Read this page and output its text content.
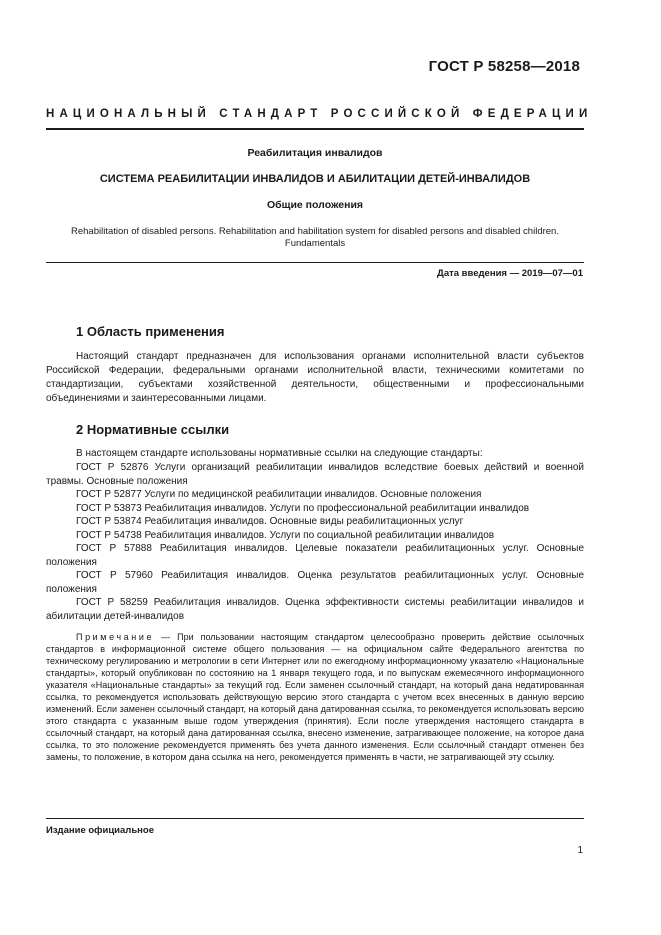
ГОСТ Р 58258—2018
НАЦИОНАЛЬНЫЙ СТАНДАРТ РОССИЙСКОЙ ФЕДЕРАЦИИ
Реабилитация инвалидов
СИСТЕМА РЕАБИЛИТАЦИИ ИНВАЛИДОВ И АБИЛИТАЦИИ ДЕТЕЙ-ИНВАЛИДОВ
Общие положения
Rehabilitation of disabled persons. Rehabilitation and habilitation system for disabled persons and disabled children. Fundamentals
Дата введения — 2019—07—01
1 Область применения

Настоящий стандарт предназначен для использования органами исполнительной власти субъектов Российской Федерации, федеральными органами исполнительной власти, техническими комитетами по стандартизации, субъектами хозяйственной деятельности, общественными и профессиональными объединениями и заинтересованными лицами.

2 Нормативные ссылки

В настоящем стандарте использованы нормативные ссылки на следующие стандарты:

ГОСТ Р 52876 Услуги организаций реабилитации инвалидов вследствие боевых действий и военной травмы. Основные положения

ГОСТ Р 52877 Услуги по медицинской реабилитации инвалидов. Основные положения

ГОСТ Р 53873 Реабилитация инвалидов. Услуги по профессиональной реабилитации инвалидов

ГОСТ Р 53874 Реабилитация инвалидов. Основные виды реабилитационных услуг

ГОСТ Р 54738 Реабилитация инвалидов. Услуги по социальной реабилитации инвалидов

ГОСТ Р 57888 Реабилитация инвалидов. Целевые показатели реабилитационных услуг. Основные положения

ГОСТ Р 57960 Реабилитация инвалидов. Оценка результатов реабилитационных услуг. Основные положения

ГОСТ Р 58259 Реабилитация инвалидов. Оценка эффективности системы реабилитации инвалидов и абилитации детей-инвалидов

Примечание — При пользовании настоящим стандартом целесообразно проверить действие ссылочных стандартов в информационной системе общего пользования — на официальном сайте Федерального агентства по техническому регулированию и метрологии в сети Интернет или по ежегодному информационному указателю «Национальные стандарты», который опубликован по состоянию на 1 января текущего года, и по выпускам ежемесячного информационного указателя «Национальные стандарты» за текущий год. Если заменен ссылочный стандарт, на который дана недатированная ссылка, то рекомендуется использовать действующую версию этого стандарта с учетом всех внесенных в данную версию изменений. Если заменен ссылочный стандарт, на который дана датированная ссылка, то рекомендуется использовать версию этого стандарта с указанным выше годом утверждения (принятия). Если после утверждения настоящего стандарта в ссылочный стандарт, на который дана датированная ссылка, внесено изменение, затрагивающее положение, на которое дана ссылка, то это положение рекомендуется применять без учета данного изменения. Если ссылочный стандарт отменен без замены, то положение, в котором дана ссылка на него, рекомендуется применять в части, не затрагивающей эту ссылку.

Издание официальное
1
